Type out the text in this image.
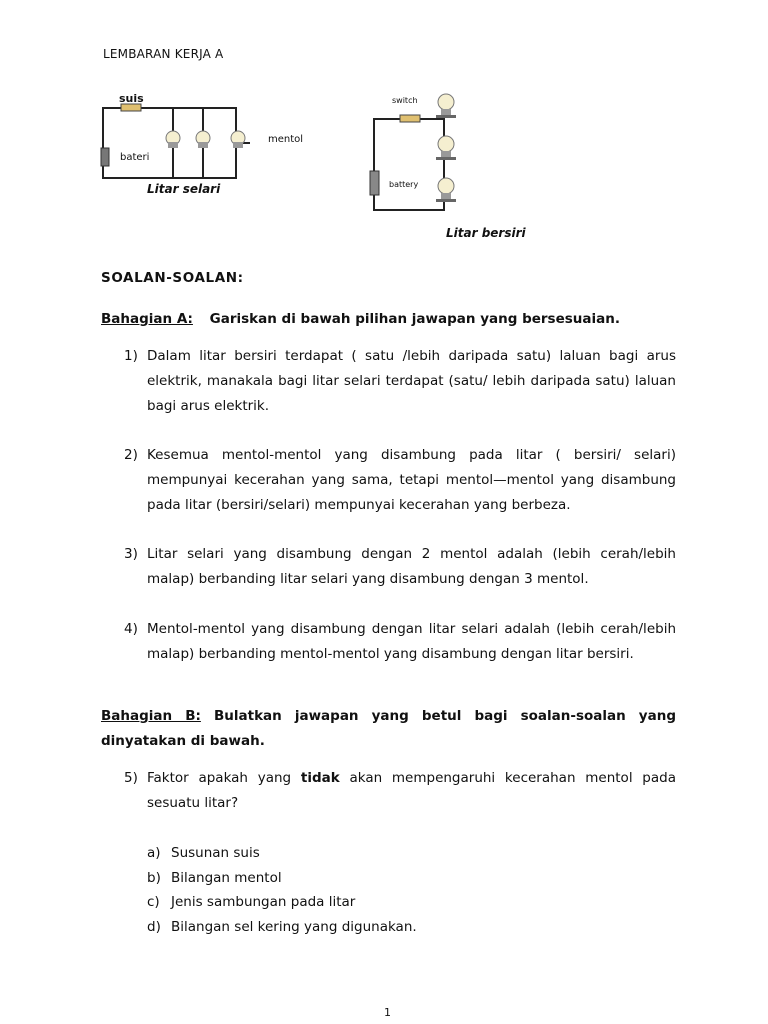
LEMBARAN KERJA A
suis
bateri
mentol
Litar selari
switch
battery
Litar bersiri
SOALAN-SOALAN:
Bahagian A: Gariskan di bawah pilihan jawapan yang bersesuaian.
1) Dalam litar bersiri terdapat ( satu /lebih daripada satu) laluan bagi arus elektrik, manakala bagi litar selari terdapat (satu/ lebih daripada satu) laluan bagi arus elektrik.
2) Kesemua mentol-mentol yang disambung pada litar ( bersiri/ selari) mempunyai kecerahan yang sama, tetapi mentol—mentol yang disambung pada litar (bersiri/selari) mempunyai kecerahan yang berbeza.
3) Litar selari yang disambung dengan 2 mentol adalah (lebih cerah/lebih malap) berbanding litar selari yang disambung dengan 3 mentol.
4) Mentol-mentol yang disambung dengan litar selari adalah (lebih cerah/lebih malap) berbanding mentol-mentol yang disambung dengan litar bersiri.
Bahagian B: Bulatkan jawapan yang betul bagi soalan-soalan yang dinyatakan di bawah.
5) Faktor apakah yang tidak akan mempengaruhi kecerahan mentol pada sesuatu litar?
a) Susunan suis
b) Bilangan mentol
c) Jenis sambungan pada litar
d) Bilangan sel kering yang digunakan.
1
